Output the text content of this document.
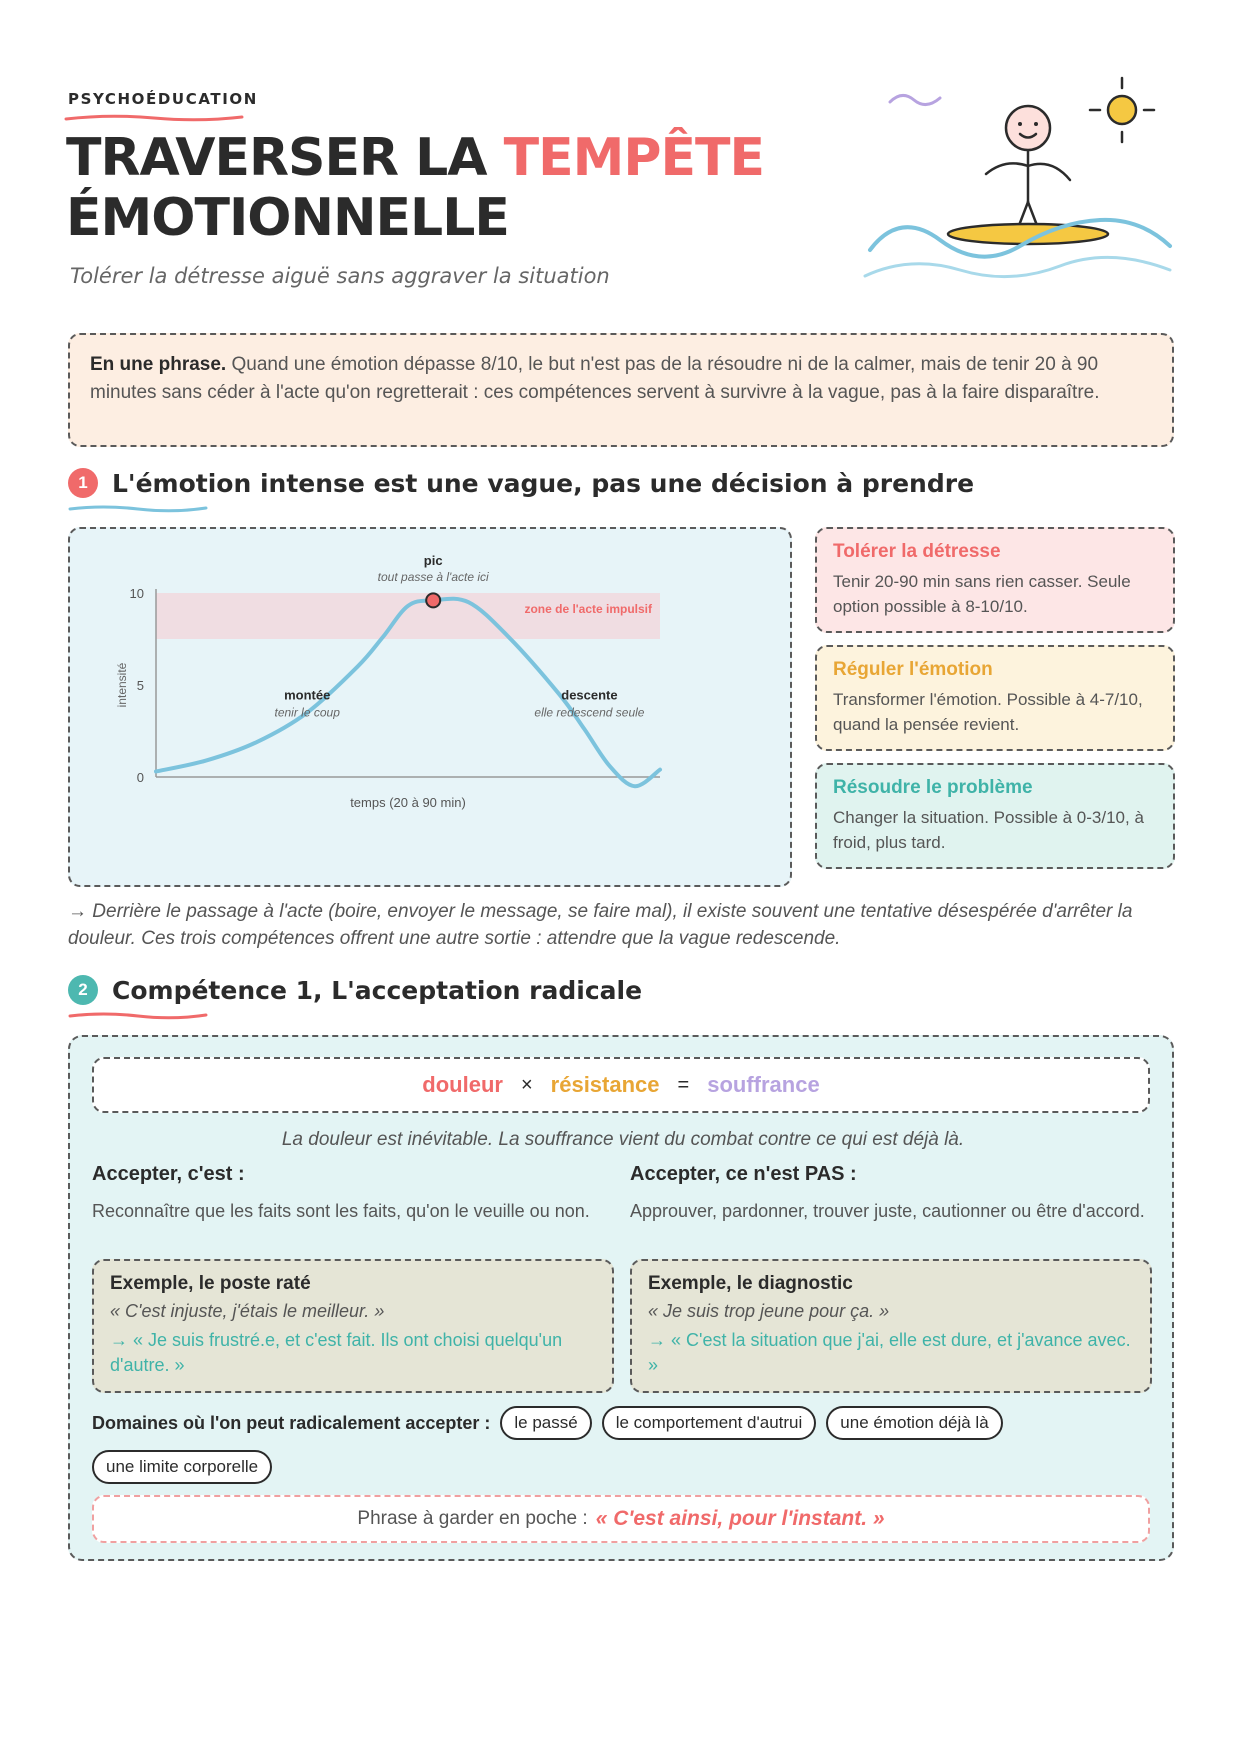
PSYCHOÉDUCATION
TRAVERSER LA TEMPÊTE
ÉMOTIONNELLE
Tolérer la détresse aiguë sans aggraver la situation
En une phrase. Quand une émotion dépasse 8/10, le but n'est pas de la résoudre ni de la calmer, mais de tenir 20 à 90 minutes sans céder à l'acte qu'on regretterait : ces compétences servent à survivre à la vague, pas à la faire disparaître.
1 L'émotion intense est une vague, pas une décision à prendre
zone de l'acte impulsif
0
5
10
intensité
temps (20 à 90 min)
pic
tout passe à l'acte ici
montée
tenir le coup
descente
elle redescend seule
Tolérer la détresse
Tenir 20-90 min sans rien casser. Seule option possible à 8-10/10.
Réguler l'émotion
Transformer l'émotion. Possible à 4-7/10, quand la pensée revient.
Résoudre le problème
Changer la situation. Possible à 0-3/10, à froid, plus tard.
→ Derrière le passage à l'acte (boire, envoyer le message, se faire mal), il existe souvent une tentative désespérée d'arrêter la douleur. Ces trois compétences offrent une autre sortie : attendre que la vague redescende.
2 Compétence 1, L'acceptation radicale
douleur × résistance = souffrance
La douleur est inévitable. La souffrance vient du combat contre ce qui est déjà là.
Accepter, c'est :
Reconnaître que les faits sont les faits, qu'on le veuille ou non.
Accepter, ce n'est PAS :
Approuver, pardonner, trouver juste, cautionner ou être d'accord.
Exemple, le poste raté
« C'est injuste, j'étais le meilleur. »
→ « Je suis frustré.e, et c'est fait. Ils ont choisi quelqu'un d'autre. »
Exemple, le diagnostic
« Je suis trop jeune pour ça. »
→ « C'est la situation que j'ai, elle est dure, et j'avance avec. »
Domaines où l'on peut radicalement accepter :	le passé	le comportement d'autrui	une émotion déjà là
une limite corporelle
Phrase à garder en poche : « C'est ainsi, pour l'instant. »
